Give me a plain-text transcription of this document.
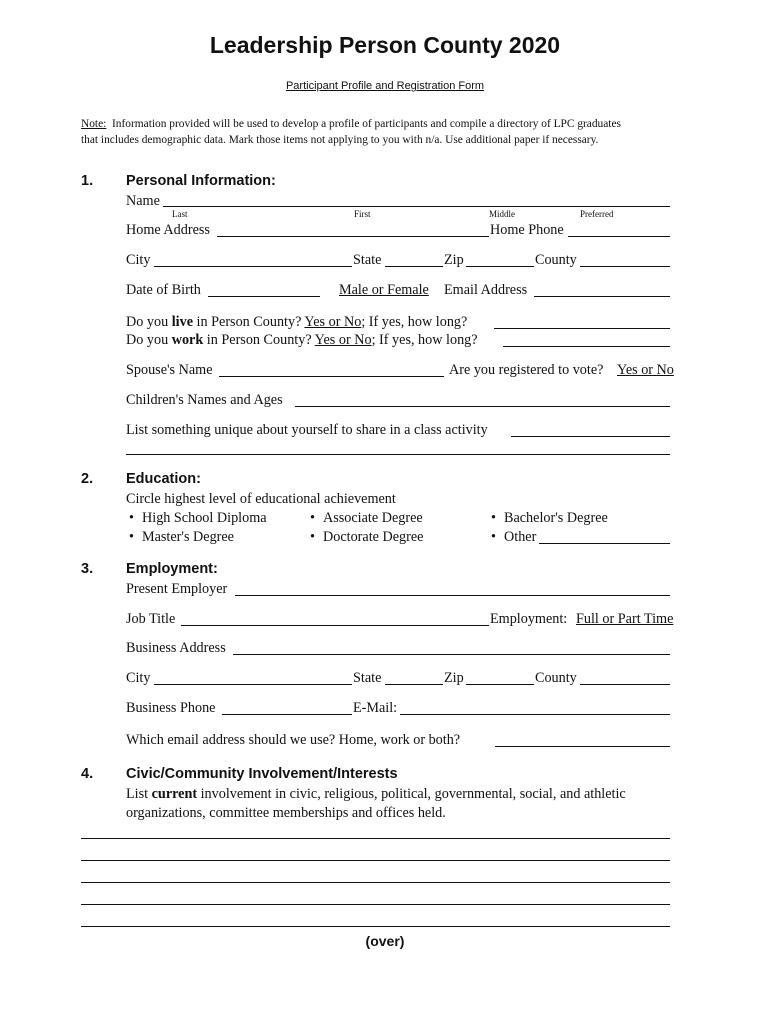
Leadership Person County 2020
Participant Profile and Registration Form
Note: Information provided will be used to develop a profile of participants and compile a directory of LPC graduates
that includes demographic data. Mark those items not applying to you with n/a. Use additional paper if necessary.
1. Personal Information:
Name
Last	First	Middle	Preferred
Home Address	Home Phone
City	State	Zip	County
Date of Birth	Male or Female Email Address
Do you live in Person County? Yes or No; If yes, how long?
Do you work in Person County? Yes or No; If yes, how long?
Spouse's Name	Are you registered to vote? Yes or No
Children's Names and Ages
List something unique about yourself to share in a class activity
2. Education:
Circle highest level of educational achievement
• High School Diploma	• Associate Degree	• Bachelor's Degree
• Master's Degree	• Doctorate Degree	• Other
3. Employment:
Present Employer
Job Title	Employment: Full or Part Time
Business Address
City	State	Zip	County
Business Phone	E-Mail:
Which email address should we use? Home, work or both?
4. Civic/Community Involvement/Interests
List current involvement in civic, religious, political, governmental, social, and athletic
organizations, committee memberships and offices held.
(over)
